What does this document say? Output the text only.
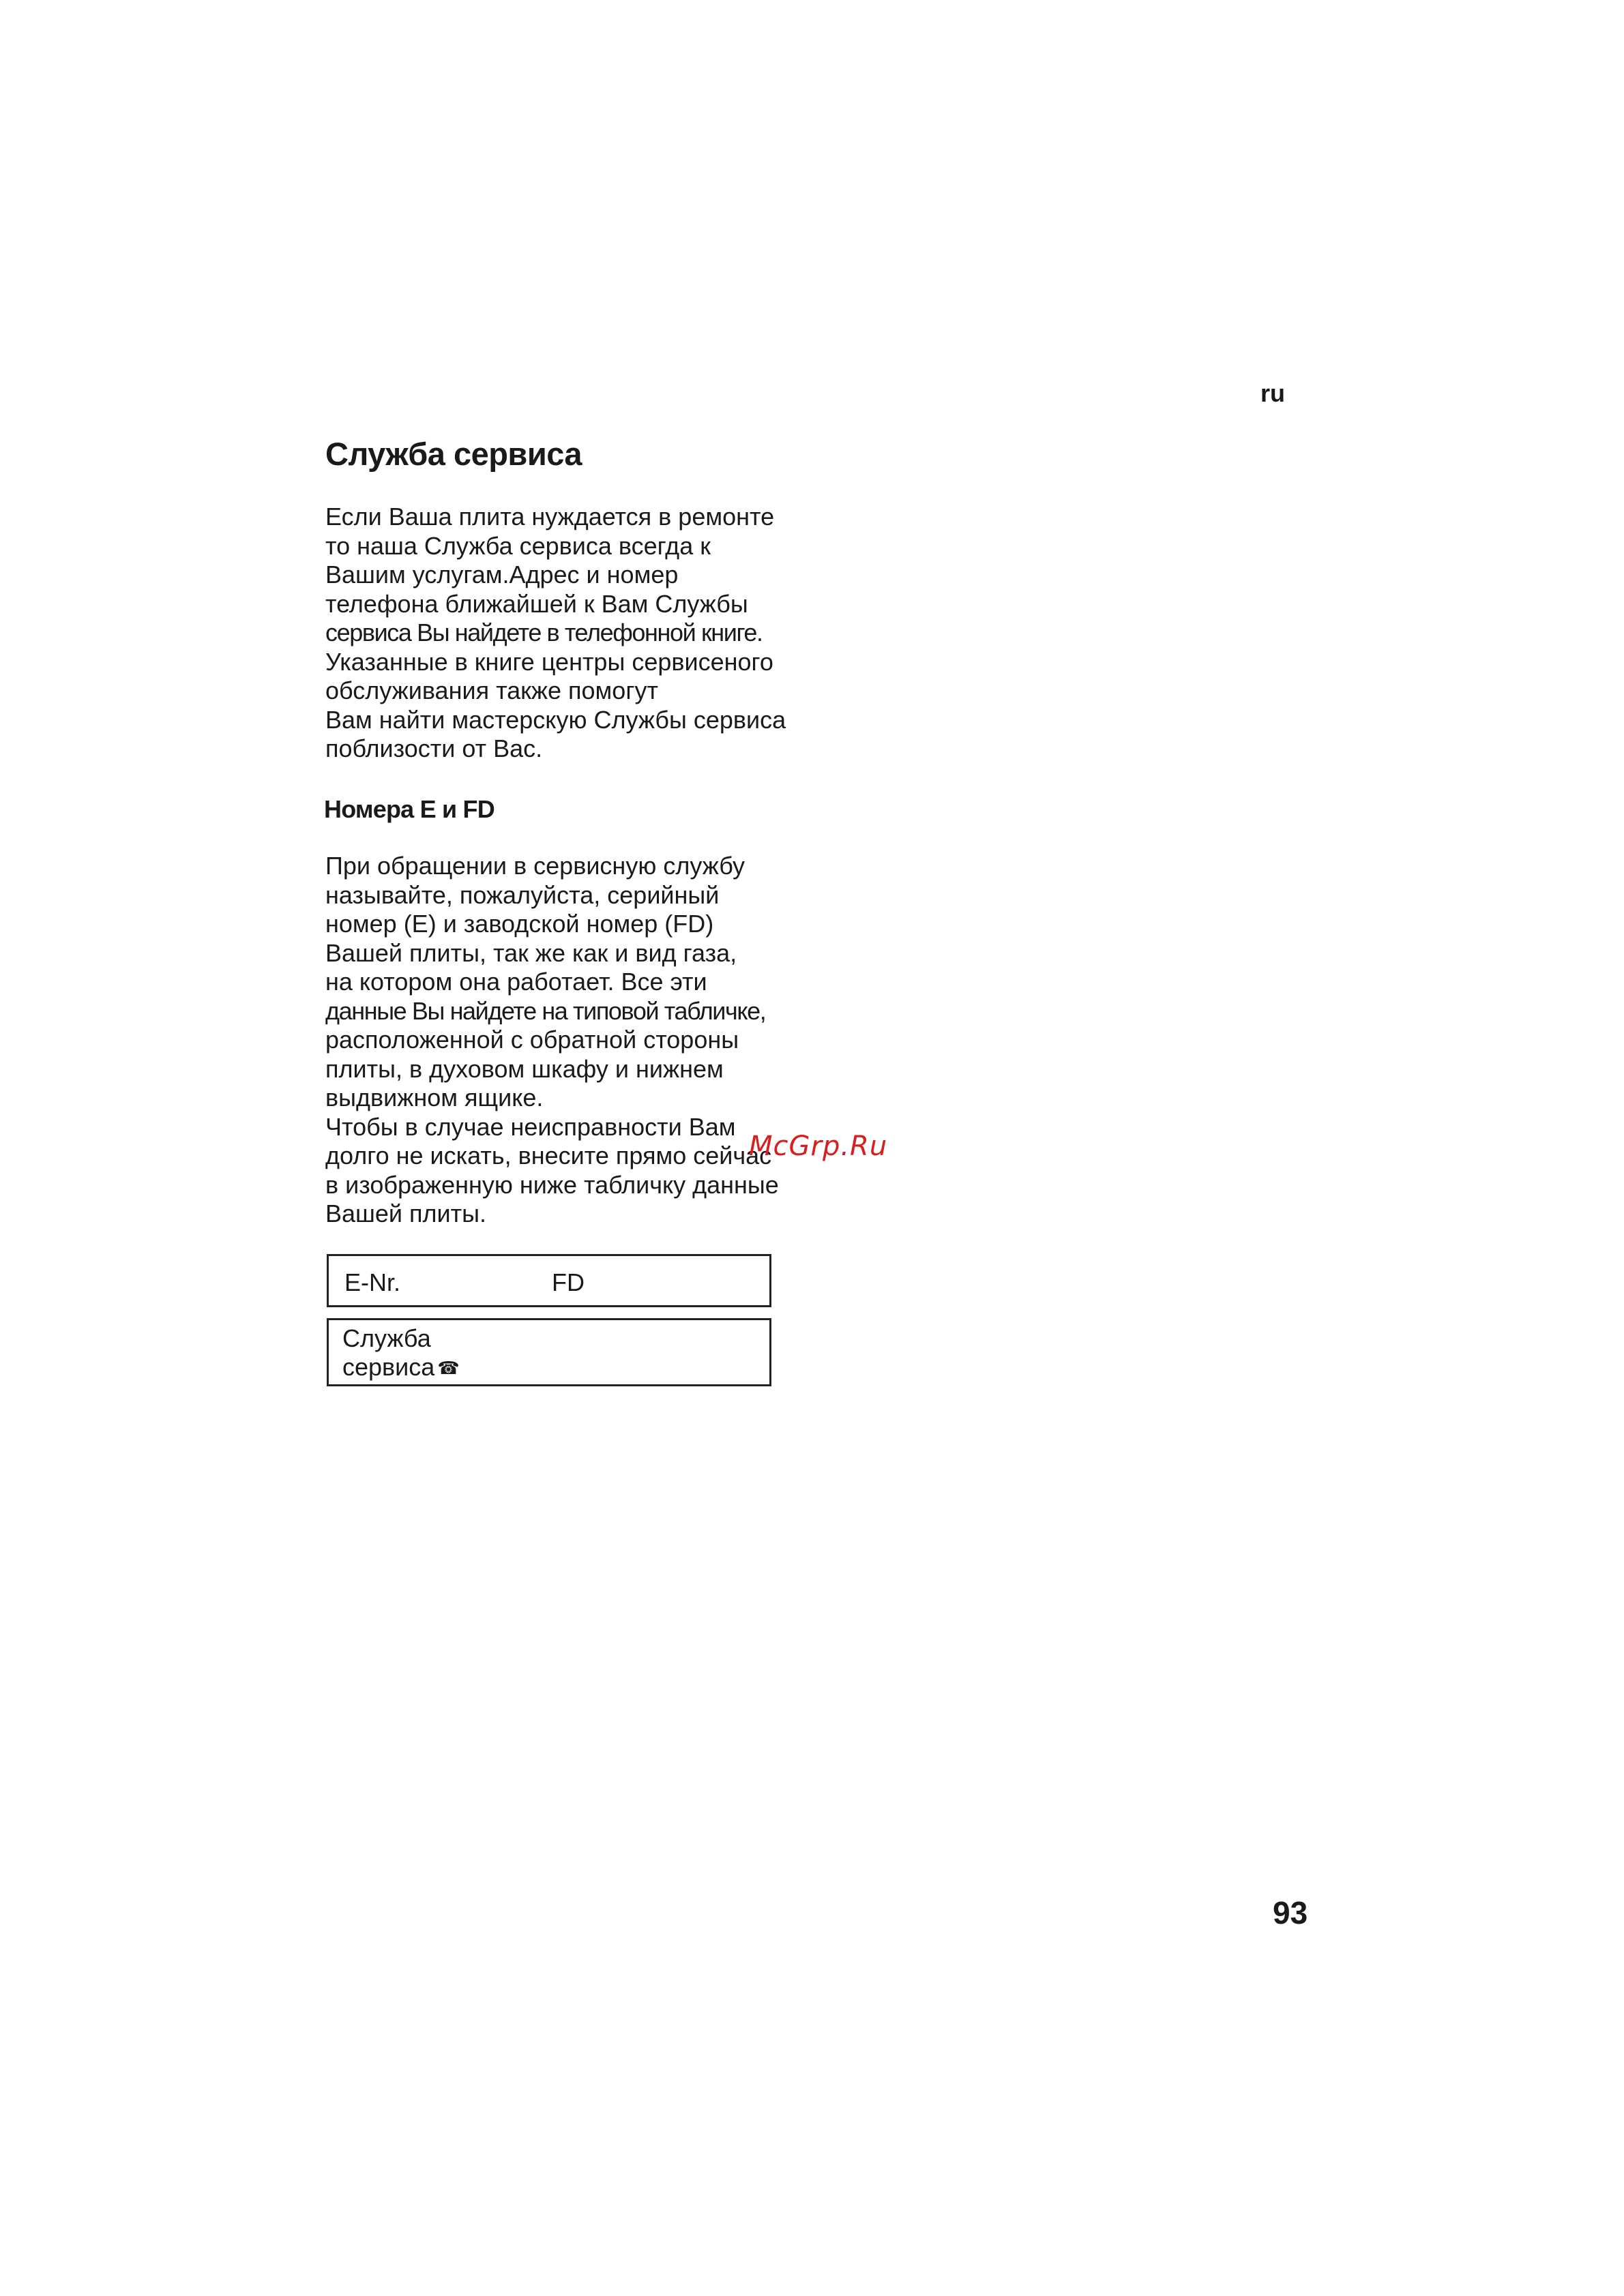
ru
Служба сервиса

Если Ваша плита нуждается в ремонте
то наша Служба сервиса всегда к
Вашим услугам.Адрес и номер
телефона ближайшей к Вам Службы
сервиса Вы найдете в телефонной книге.
Указанные в книге центры сервисеного
обслуживания также помогут
Вам найти мастерскую Службы сервиса
поблизости от Вас.

Номера E и FD

При обращении в сервисную службу
называйте, пожалуйста, серийный
номер (E) и заводской номер (FD)
Вашей плиты, так же как и вид газа,
на котором она работает. Все эти
данные Вы найдете на типовой табличке,
расположенной с обратной стороны
плиты, в духовом шкафу и нижнем
выдвижном ящике.
Чтобы в случае неисправности Вам
долго не искать, внесите прямо сейчас
в изображенную ниже табличку данные
Вашей плиты.

McGrp.Ru
E-Nr.	FD
Служба
сервиса ☎
93
